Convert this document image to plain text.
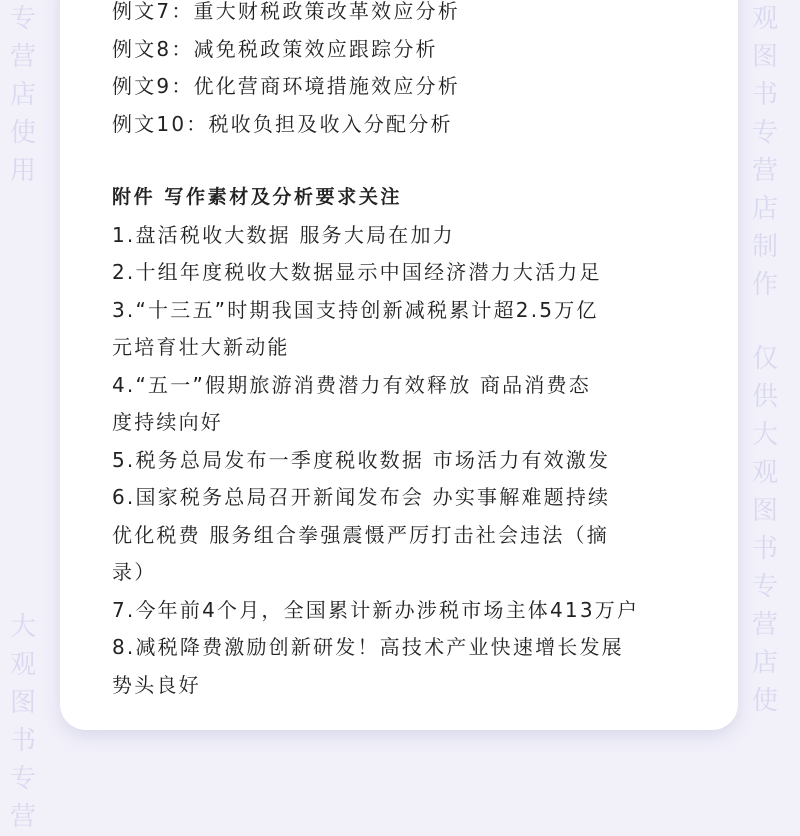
专
营
店
使
用
观
图
书
专
营
店
制
作
仅
供
大
观
图
书
专
营
店
使
大
观
图
书
专
营
例文7：重大财税政策改革效应分析
例文8：减免税政策效应跟踪分析
例文9：优化营商环境措施效应分析
例文10：税收负担及收入分配分析
附件 写作素材及分析要求关注
1.盘活税收大数据 服务大局在加力
2.十组年度税收大数据显示中国经济潜力大活力足
3.“十三五”时期我国支持创新减税累计超2.5万亿
元培育壮大新动能
4.“五一”假期旅游消费潜力有效释放 商品消费态
度持续向好
5.税务总局发布一季度税收数据 市场活力有效激发
6.国家税务总局召开新闻发布会 办实事解难题持续
优化税费 服务组合拳强震慑严厉打击社会违法（摘
录）
7.今年前4个月，全国累计新办涉税市场主体413万户
8.减税降费激励创新研发！高技术产业快速增长发展
势头良好
